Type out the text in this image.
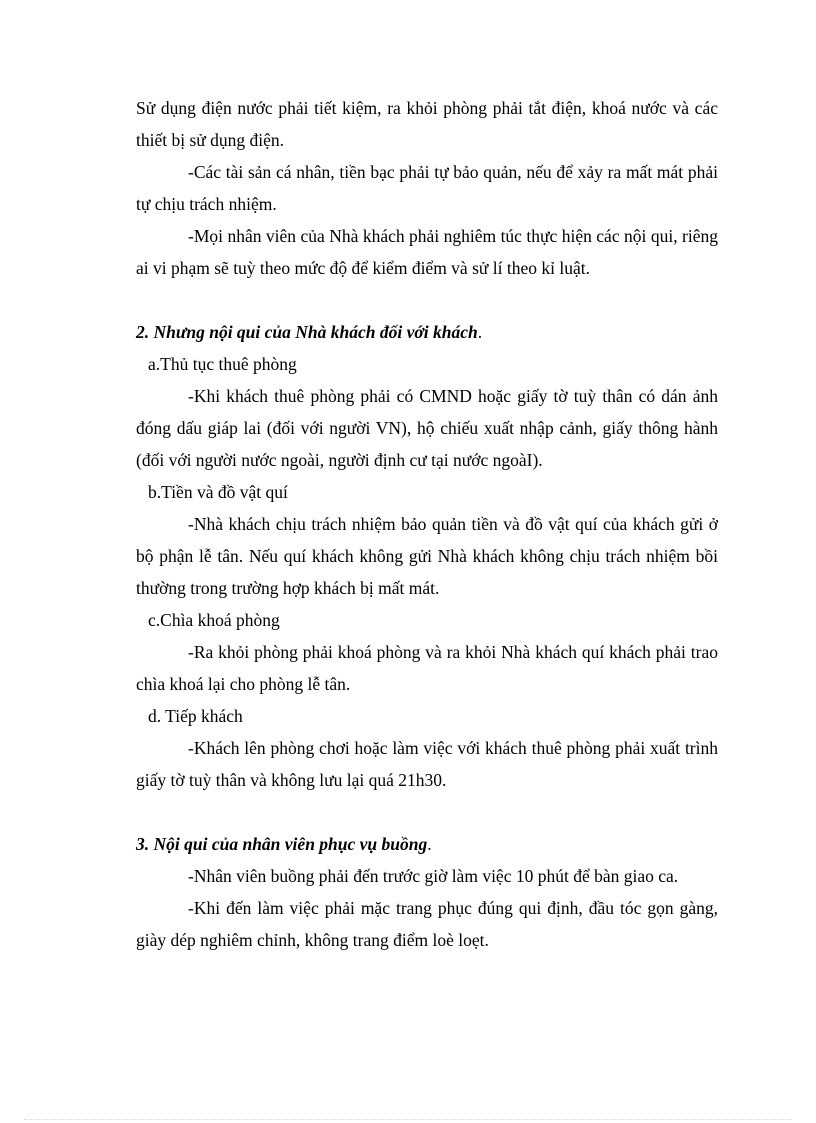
Sử dụng điện nước phải tiết kiệm, ra khỏi phòng phải tắt điện, khoá nước và các thiết bị sử dụng điện.

-Các tài sản cá nhân, tiền bạc phải tự bảo quản, nếu để xảy ra mất mát phải tự chịu trách nhiệm.

-Mọi nhân viên của Nhà khách phải nghiêm túc thực hiện các nội qui, riêng ai vi phạm sẽ tuỳ theo mức độ để kiểm điểm và sử lí theo kỉ luật.

2. Nhưng nội qui của Nhà khách đối với khách.

a.Thủ tục thuê phòng

-Khi khách thuê phòng phải có CMND hoặc giấy tờ tuỳ thân có dán ảnh đóng dấu giáp lai (đối với người VN), hộ chiếu xuất nhập cảnh, giấy thông hành (đối với người nước ngoài, người định cư tại nước ngoàI).

b.Tiền và đồ vật quí

-Nhà khách chịu trách nhiệm bảo quản tiền và đồ vật quí của khách gửi ở bộ phận lễ tân. Nếu quí khách không gửi Nhà khách không chịu trách nhiệm bồi thường trong trường hợp khách bị mất mát.

c.Chìa khoá phòng

-Ra khỏi phòng phải khoá phòng và ra khỏi Nhà khách quí khách phải trao chìa khoá lại cho phòng lễ tân.

d. Tiếp khách

-Khách lên phòng chơi hoặc làm việc với khách thuê phòng phải xuất trình giấy tờ tuỳ thân và không lưu lại quá 21h30.

3. Nội qui của nhân viên phục vụ buồng.

-Nhân viên buồng phải đến trước giờ làm việc 10 phút để bàn giao ca.

-Khi đến làm việc phải mặc trang phục đúng qui định, đầu tóc gọn gàng, giày dép nghiêm chỉnh, không trang điểm loè loẹt.
